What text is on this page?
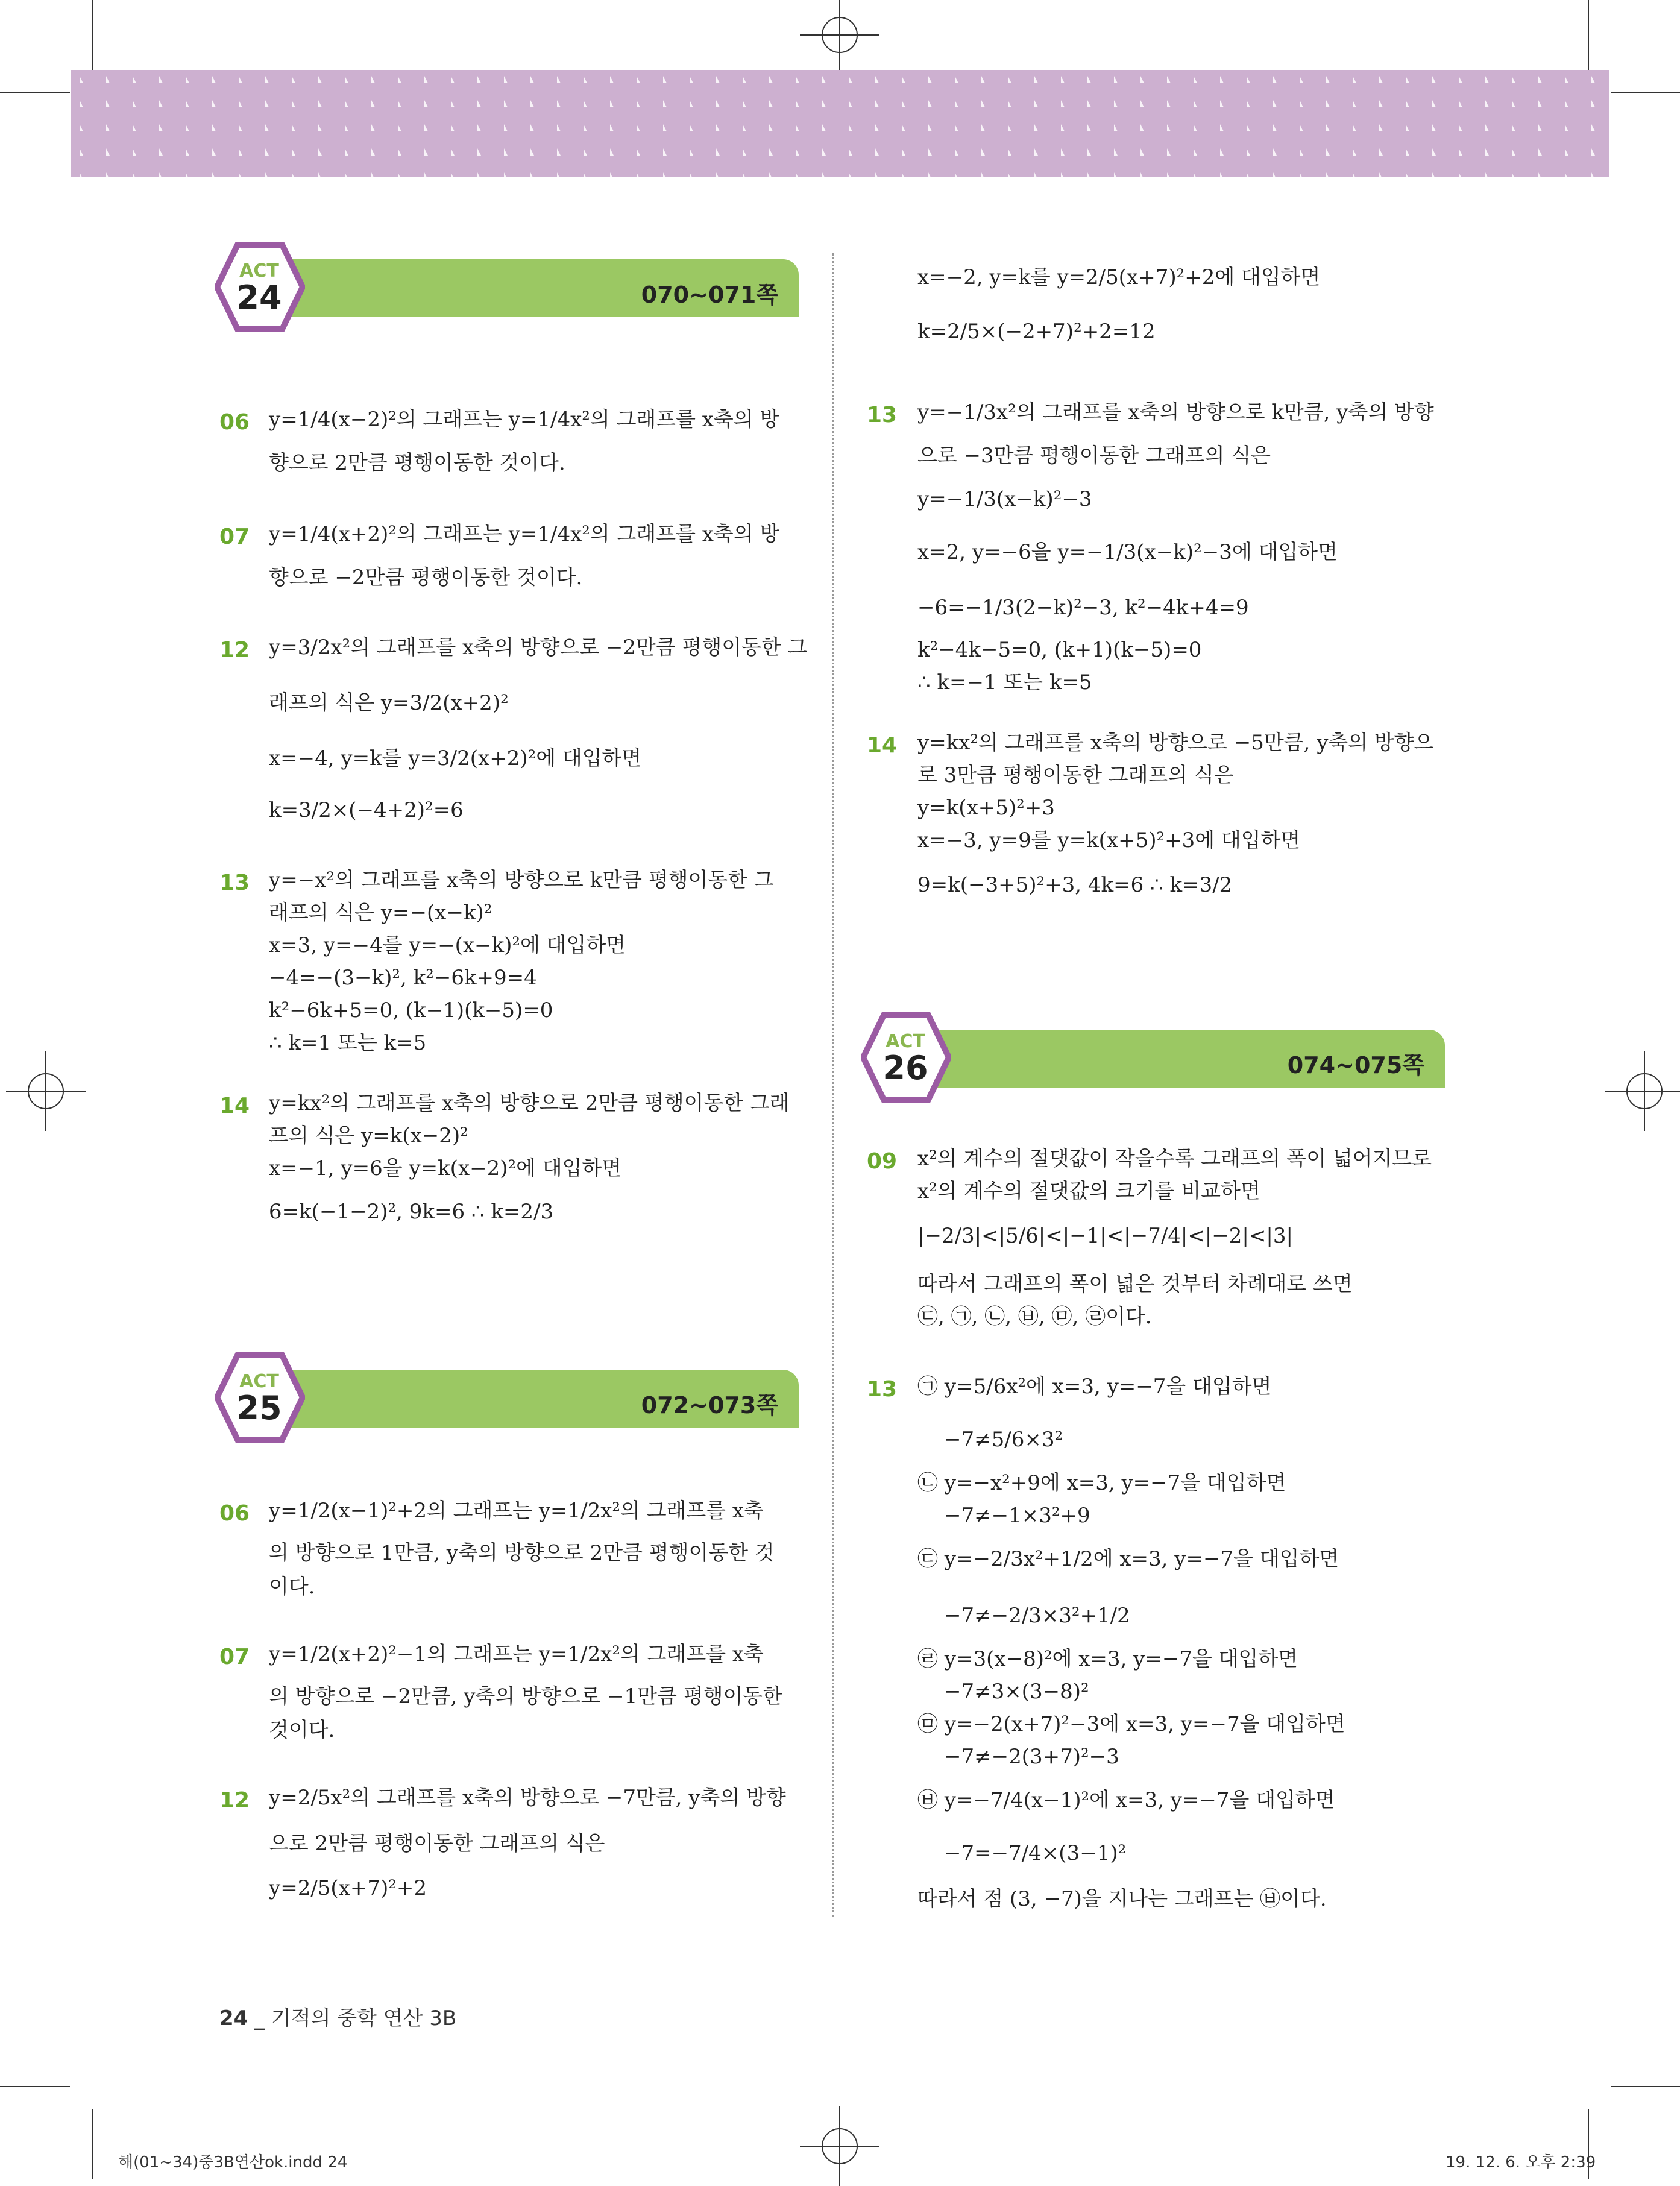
070~071쪽
ACT
24
072~073쪽
ACT
25
074~075쪽
ACT
26
06 y=1/4(x−2)²의 그래프는 y=1/4x²의 그래프를 x축의 방
향으로 2만큼 평행이동한 것이다.
07 y=1/4(x+2)²의 그래프는 y=1/4x²의 그래프를 x축의 방
향으로 −2만큼 평행이동한 것이다.
12 y=3/2x²의 그래프를 x축의 방향으로 −2만큼 평행이동한 그
래프의 식은 y=3/2(x+2)²
x=−4, y=k를 y=3/2(x+2)²에 대입하면
k=3/2×(−4+2)²=6
13 y=−x²의 그래프를 x축의 방향으로 k만큼 평행이동한 그
래프의 식은 y=−(x−k)²
x=3, y=−4를 y=−(x−k)²에 대입하면
−4=−(3−k)², k²−6k+9=4
k²−6k+5=0, (k−1)(k−5)=0
∴ k=1 또는 k=5
14 y=kx²의 그래프를 x축의 방향으로 2만큼 평행이동한 그래
프의 식은 y=k(x−2)²
x=−1, y=6을 y=k(x−2)²에 대입하면
6=k(−1−2)², 9k=6 ∴ k=2/3
06 y=1/2(x−1)²+2의 그래프는 y=1/2x²의 그래프를 x축
의 방향으로 1만큼, y축의 방향으로 2만큼 평행이동한 것
이다.
07 y=1/2(x+2)²−1의 그래프는 y=1/2x²의 그래프를 x축
의 방향으로 −2만큼, y축의 방향으로 −1만큼 평행이동한
것이다.
12 y=2/5x²의 그래프를 x축의 방향으로 −7만큼, y축의 방향
으로 2만큼 평행이동한 그래프의 식은
y=2/5(x+7)²+2
x=−2, y=k를 y=2/5(x+7)²+2에 대입하면
k=2/5×(−2+7)²+2=12
13 y=−1/3x²의 그래프를 x축의 방향으로 k만큼, y축의 방향
으로 −3만큼 평행이동한 그래프의 식은
y=−1/3(x−k)²−3
x=2, y=−6을 y=−1/3(x−k)²−3에 대입하면
−6=−1/3(2−k)²−3, k²−4k+4=9
k²−4k−5=0, (k+1)(k−5)=0
∴ k=−1 또는 k=5
14 y=kx²의 그래프를 x축의 방향으로 −5만큼, y축의 방향으
로 3만큼 평행이동한 그래프의 식은
y=k(x+5)²+3
x=−3, y=9를 y=k(x+5)²+3에 대입하면
9=k(−3+5)²+3, 4k=6 ∴ k=3/2
09 x²의 계수의 절댓값이 작을수록 그래프의 폭이 넓어지므로
x²의 계수의 절댓값의 크기를 비교하면
|−2/3|<|5/6|<|−1|<|−7/4|<|−2|<|3|
따라서 그래프의 폭이 넓은 것부터 차례대로 쓰면
㉢, ㉠, ㉡, ㉥, ㉤, ㉣이다.
13 ㉠ y=5/6x²에 x=3, y=−7을 대입하면
−7≠5/6×3²
㉡ y=−x²+9에 x=3, y=−7을 대입하면
−7≠−1×3²+9
㉢ y=−2/3x²+1/2에 x=3, y=−7을 대입하면
−7≠−2/3×3²+1/2
㉣ y=3(x−8)²에 x=3, y=−7을 대입하면
−7≠3×(3−8)²
㉤ y=−2(x+7)²−3에 x=3, y=−7을 대입하면
−7≠−2(3+7)²−3
㉥ y=−7/4(x−1)²에 x=3, y=−7을 대입하면
−7=−7/4×(3−1)²
따라서 점 (3, −7)을 지나는 그래프는 ㉥이다.
24 _ 기적의 중학 연산 3B
해(01~34)중3B연산ok.indd 24	19. 12. 6. 오후 2:39
